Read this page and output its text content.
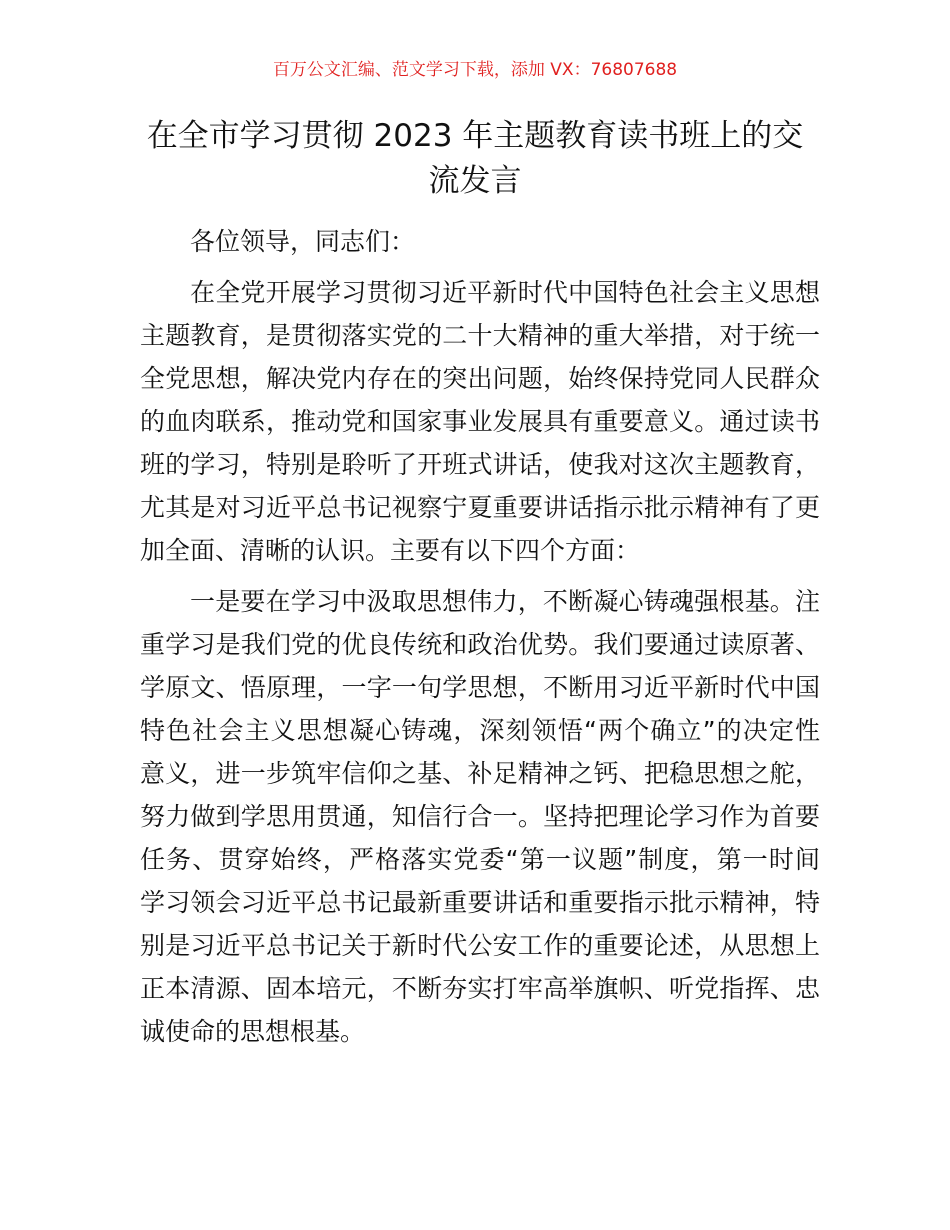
百万公文汇编、范文学习下载，添加 VX：76807688
在全市学习贯彻 2023 年主题教育读书班上的交
流发言
各位领导，同志们：
在全党开展学习贯彻习近平新时代中国特色社会主义思想
主题教育，是贯彻落实党的二十大精神的重大举措，对于统一
全党思想，解决党内存在的突出问题，始终保持党同人民群众
的血肉联系，推动党和国家事业发展具有重要意义。通过读书
班的学习，特别是聆听了开班式讲话，使我对这次主题教育，
尤其是对习近平总书记视察宁夏重要讲话指示批示精神有了更
加全面、清晰的认识。主要有以下四个方面：
一是要在学习中汲取思想伟力，不断凝心铸魂强根基。注
重学习是我们党的优良传统和政治优势。我们要通过读原著、
学原文、悟原理，一字一句学思想，不断用习近平新时代中国
特色社会主义思想凝心铸魂，深刻领悟“两个确立”的决定性
意义，进一步筑牢信仰之基、补足精神之钙、把稳思想之舵，
努力做到学思用贯通，知信行合一。坚持把理论学习作为首要
任务、贯穿始终，严格落实党委“第一议题”制度，第一时间
学习领会习近平总书记最新重要讲话和重要指示批示精神，特
别是习近平总书记关于新时代公安工作的重要论述，从思想上
正本清源、固本培元，不断夯实打牢高举旗帜、听党指挥、忠
诚使命的思想根基。
